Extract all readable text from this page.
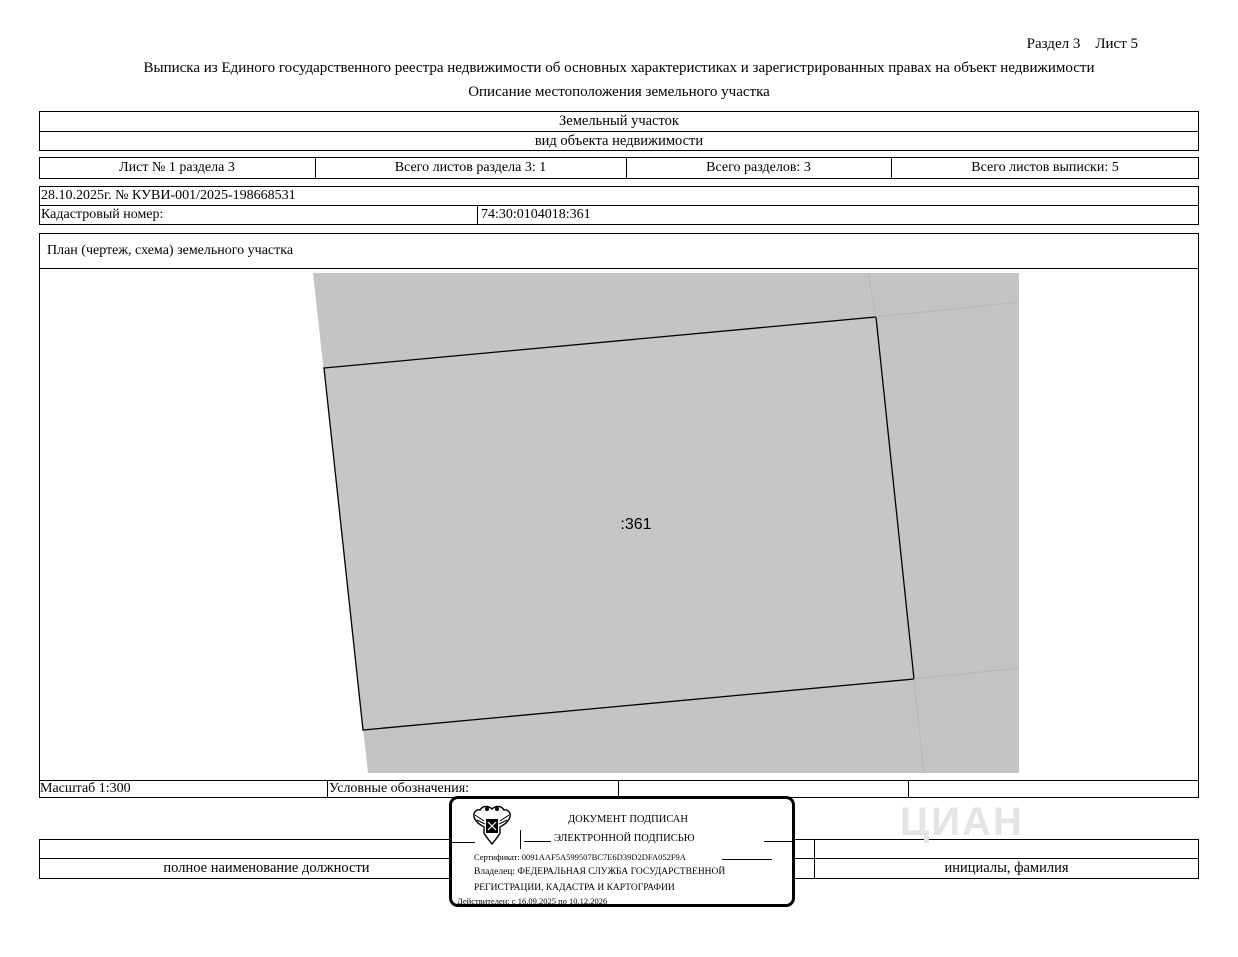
Раздел 3    Лист 5
Выписка из Единого государственного реестра недвижимости об основных характеристиках и зарегистрированных правах на объект недвижимости
Описание местоположения земельного участка
Земельный участок
вид объекта недвижимости
Лист № 1 раздела 3	Всего листов раздела 3: 1	Всего разделов: 3	Всего листов выписки: 5
28.10.2025г. № КУВИ-001/2025-198668531
Кадастровый номер:	74:30:0104018:361
План (чертеж, схема) земельного участка
:361
Масштаб 1:300	Условные обозначения:
полное наименование должности	инициалы, фамилия
ЦИАН
ДОКУМЕНТ ПОДПИСАН
ЭЛЕКТРОННОЙ ПОДПИСЬЮ
Сертификат: 0091AAF5A599507BC7E6D39D2DFA052F9A
Владелец: ФЕДЕРАЛЬНАЯ СЛУЖБА ГОСУДАРСТВЕННОЙ
РЕГИСТРАЦИИ, КАДАСТРА И КАРТОГРАФИИ
Действителен: с 16.09.2025 по 10.12.2026
